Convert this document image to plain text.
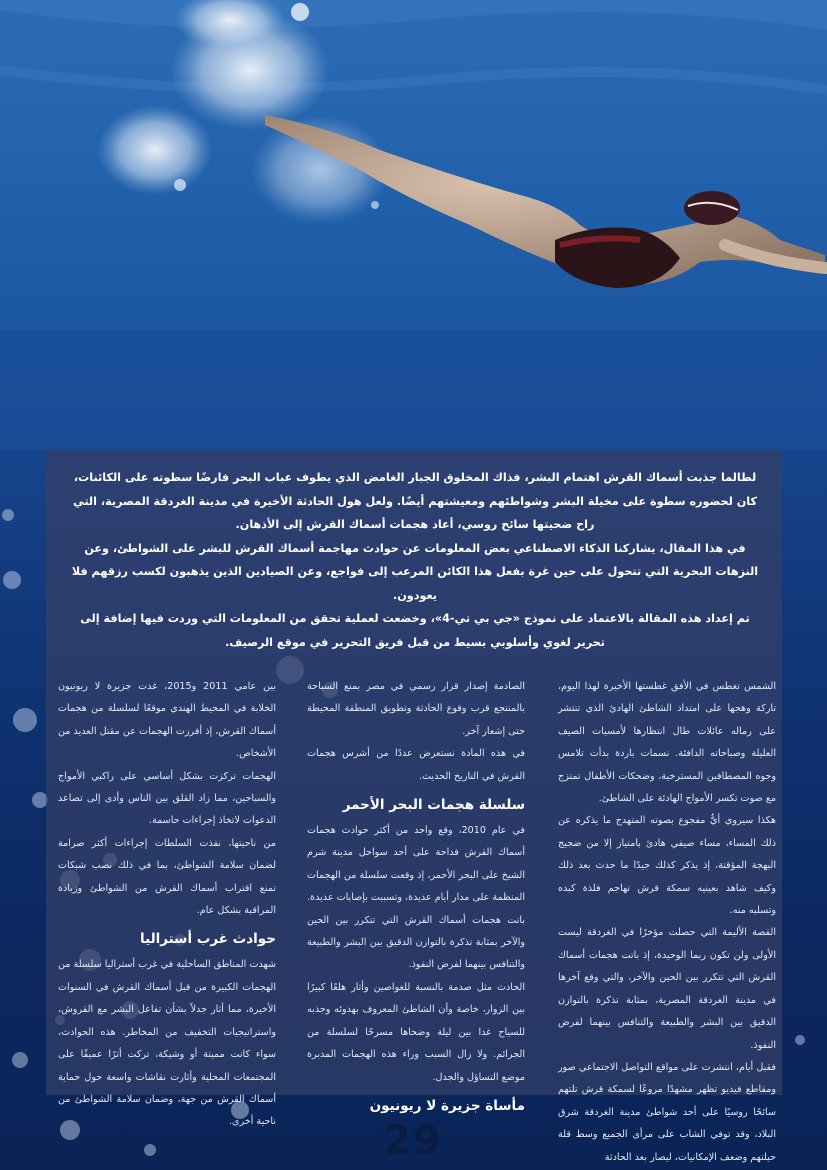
لطالما جذبت أسماك القرش اهتمام البشر، فذاك المخلوق الجبار الغامض الذي يطوف عباب البحر فارضًا سطوته على الكائنات، كان لحضوره سطوة على مخيلة البشر وشواطئهم ومعيشتهم أيضًا. ولعل هول الحادثة الأخيرة في مدينة الغردقة المصرية، التي راح ضحيتها سائح روسي، أعاد هجمات أسماك القرش إلى الأذهان.

في هذا المقال، يشاركنا الذكاء الاصطناعي بعض المعلومات عن حوادث مهاجمة أسماك القرش للبشر على الشواطئ، وعن النزهات البحرية التي تتحول على حين غرة بفعل هذا الكائن المرعب إلى فواجع، وعن الصيادين الذين يذهبون لكسب رزقهم فلا يعودون.

تم إعداد هذه المقالة بالاعتماد على نموذج «جي بي تي-4»، وخضعت لعملية تحقق من المعلومات التي وردت فيها إضافة إلى تحرير لغوي وأسلوبي بسيط من قبل فريق التحرير في موقع الرصيف.

الشمس تغطس في الأفق غطستها الأخيرة لهذا اليوم، تاركة وهجها على امتداد الشاطئ الهادئ الذي تنتشر على رماله عائلات طال انتظارها لأمسيات الصيف العليلة وصباحاته الدافئة. نسمات باردة بدأت تلامس وجوه المصطافين المسترخية، وضحكات الأطفال تمتزج مع صوت تكسر الأمواج الهادئة على الشاطئ.

هكذا سيروي أيُّ مفجوع بصوته المتهدج ما يذكره عن ذلك المساء، مساء صيفي هادئ بامتياز إلا من ضجيج البهجة المؤقتة، إذ يذكر كذلك جيدًا ما حدث بعد ذلك وكيف شاهد بعينيه سمكة قرش تهاجم فلذة كبده وتسلبه منه.

القصة الأليمة التي حصلت مؤخرًا في الغردقة ليست الأولى ولن تكون ربما الوحيدة، إذ باتت هجمات أسماك القرش التي تتكرر بين الحين والآخر، والتي وقع آخرها في مدينة الغردقة المصرية، بمثابة تذكرة بالتوازن الدقيق بين البشر والطبيعة والتنافس بينهما لفرض النفوذ.

فقبل أيام، انتشرت على مواقع التواصل الاجتماعي صور ومقاطع فيديو تظهر مشهدًا مروعًا لسمكة قرش تلتهم سائحًا روسيًا على أحد شواطئ مدينة الغردقة شرق البلاد، وقد توفي الشاب على مرأى الجميع وسط قلة حيلتهم وضعف الإمكانيات، ليصار بعد الحادثة

الصادمة إصدار قرار رسمي في مصر بمنع السباحة بالمنتجع قرب وقوع الحادثة وتطويق المنطقة المحيطة حتى إشعار آخر.

في هذه المادة نستعرض عددًا من أشرس هجمات القرش في التاريخ الحديث.

سلسلة هجمات البحر الأحمر

في عام 2010، وقع واحد من أكثر حوادث هجمات أسماك القرش فداحة على أحد سواحل مدينة شرم الشيخ على البحر الأحمر، إذ وقعت سلسلة من الهجمات المنظمة على مدار أيام عديدة، وتسببت بإصابات عديدة.

باتت هجمات أسماك القرش التي تتكرر بين الحين والآخر بمثابة تذكرة بالتوازن الدقيق بين البشر والطبيعة والتنافس بينهما لفرض النفوذ.

الحادث مثل صدمة بالنسبة للغواصين وأثار هلعًا كبيرًا بين الزوار، خاصة وأن الشاطئ المعروف بهدوئه وجذبه للسياح غدا بين ليلة وضحاها مسرحًا لسلسلة من الجرائم. ولا زال السبب وراء هذه الهجمات المدبرة موضع التساؤل والجدل.

مأساة جزيرة لا ريونيون

بين عامي 2011 و2015، غدت جزيرة لا ريونيون الخلابة في المحيط الهندي موقعًا لسلسلة من هجمات أسماك القرش، إذ أفرزت الهجمات عن مقتل العديد من الأشخاص.

الهجمات تركزت بشكل أساسي على راكبي الأمواج والسباحين، مما زاد القلق بين الناس وأدى إلى تصاعد الدعوات لاتخاذ إجراءات حاسمة.

من ناحيتها، نفذت السلطات إجراءات أكثر صرامة لضمان سلامة الشواطئ، بما في ذلك نصب شبكات تمنع اقتراب أسماك القرش من الشواطئ وزيادة المراقبة بشكل عام.

حوادث غرب أستراليا

شهدت المناطق الساحلية في غرب أستراليا سلسلة من الهجمات الكبيرة من قبل أسماك القرش في السنوات الأخيرة، مما أثار جدلاً بشأن تفاعل البشر مع القروش، واستراتيجيات التخفيف من المخاطر. هذه الحوادث، سواء كانت مميتة أو وشيكة، تركت أثرًا عميقًا على المجتمعات المحلية وأثارت نقاشات واسعة حول حماية أسماك القرش من جهة، وضمان سلامة الشواطئ من ناحية أخرى.	29
